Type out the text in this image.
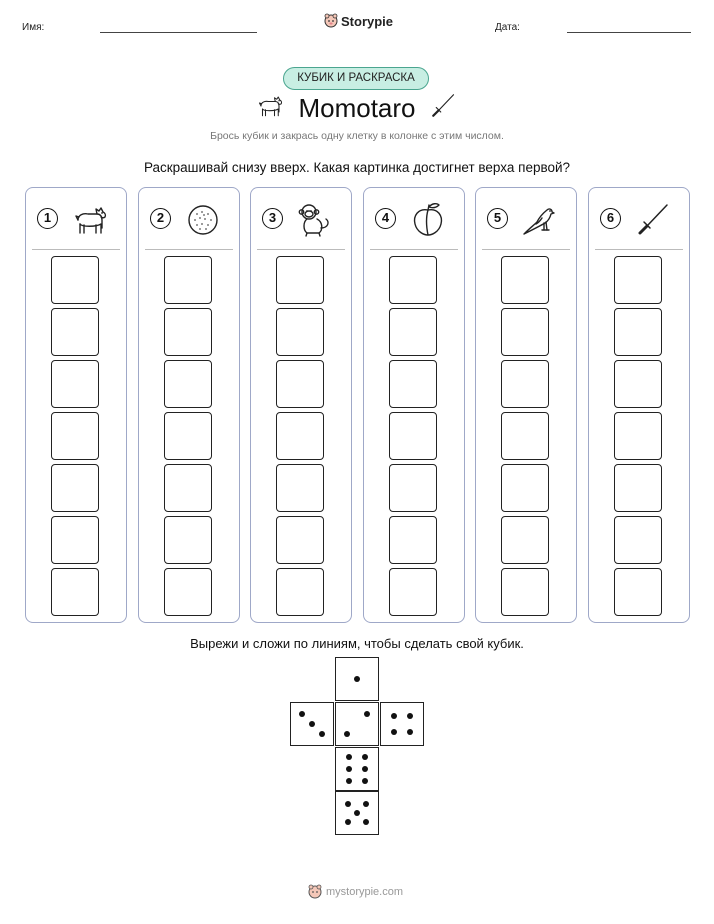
Имя:	Storypie	Дата:
КУБИК И РАСКРАСКА
Momotaro
Брось кубик и закрась одну клетку в колонке с этим числом.
Раскрашивай снизу вверх. Какая картинка достигнет верха первой?
1	2	3	4	5	6
Вырежи и сложи по линиям, чтобы сделать свой кубик.
mystorypie.com
